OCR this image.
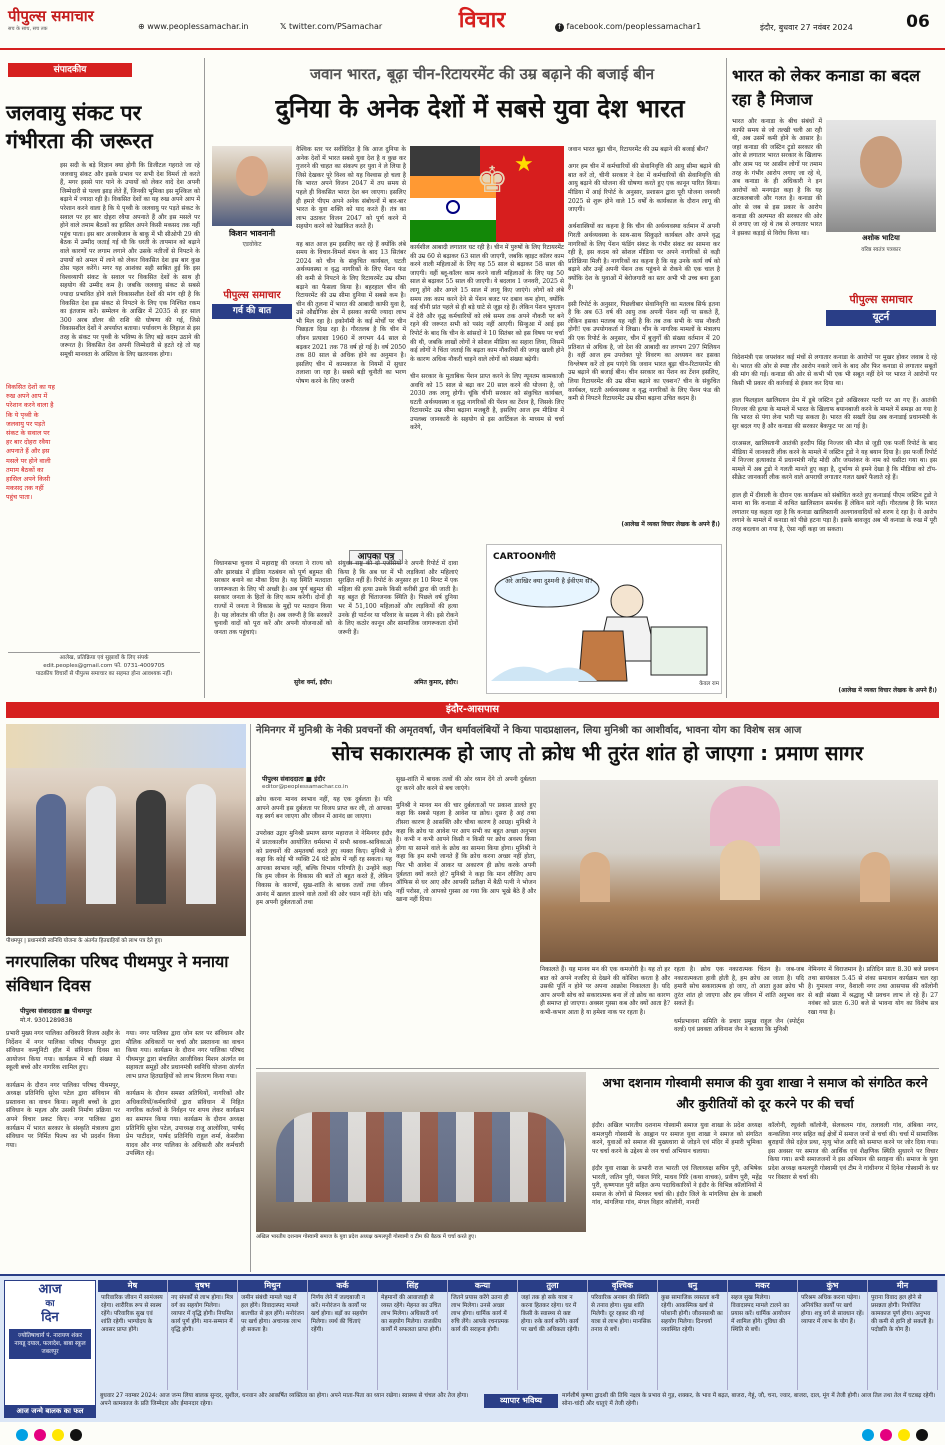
पीपुल्स समाचार
सच के साथ, सच तक	⊕ www.peoplessamachar.in	𝕏 twitter.com/PSamachar	विचार	f facebook.com/peoplessamachar1	इंदौर, बुधवार 27 नवंबर 2024	06
संपादकीय
जलवायु संकट पर गंभीरता की जरूरत
इस सदी के बड़े विज्ञान क्या होगी कि डिजीटल गहराते जा रहे जलवायु संकट और इसके प्रभाव पर सभी देश विमर्श तो करते हैं, मगर इससे पार पाने के उपायों को लेकर वादे देश अपनी जिम्मेदारी से पल्ला झाड़ लेते हैं, जिनकी भूमिका इस मुश्किल को बढ़ाने में ज्यादा रही है। विकसित देशों का यह रुख अपने आप में परेशान करने वाला है कि ये पृथ्वी के जलवायु पर पड़ते संकट के सवाल पर हर बार दोहरा रवैया अपनाते हैं और इस मसले पर होने वाले तमाम बैठकों का हासिल अपने किसी मकसद तक नहीं पहुंच पाता। इस बार अजरबैजान के बाकू में भी सीओपी 29 की बैठक में उम्मीद जताई गई थी कि धरती के तापमान को बढ़ाने वाले कारणों पर लगाम लगाने और उसके नतीजों से निपटने के उपायों को अमल में लाने को लेकर विकसित देश इस बार कुछ ठोस पहल करेंगे। मगर यह आशंका सही साबित हुई कि इस विश्वव्यापी संकट के सवाल पर विकसित देशों के साथ ही सहयोग की उम्मीद कम है। जबकि जलवायु संकट से सबसे ज्यादा प्रभावित होने वाले विकासशील देशों की मांग रही है कि विकसित देश इस संकट से निपटने के लिए एक निश्चित रकम का इंतजाम करें। सम्मेलन के आखिर में 2035 से हर साल 300 अरब डॉलर की राशि की घोषणा की गई, जिसे विकासशील देशों ने अपर्याप्त बताया। पर्यावरण के लिहाज से इस तरह के संकट पर पृथ्वी के भविष्य के लिए बड़े कदम उठाने की जरूरत है। विकसित देश अपनी जिम्मेदारी से हटते रहे तो यह समूची मानवता के अस्तित्व के लिए खतरनाक होगा।
विकसित देशों का यह रुख अपने आप में परेशान करने वाला है कि ये पृथ्वी के जलवायु पर पड़ते संकट के सवाल पर हर बार दोहरा रवैया अपनाते हैं और इस मसले पर होने वाली तमाम बैठकों का हासिल अपने किसी मकसद तक नहीं पहुंच पाता।
आलेख, प्रतिक्रिया एवं सुझावों के लिए संपर्क
edit.peoples@gmail.com फो. 0731-4009705
पाठकीय विचारों से पीपुल्स समाचार का सहमत होना आवश्यक नहीं।
जवान भारत, बूढ़ा चीन-रिटायरमेंट की उम्र बढ़ाने की बजाई बीन
दुनिया के अनेक देशों में सबसे युवा देश भारत
किशन भावनानी
एडवोकेट
पीपुल्स समाचार
गर्व की बात
वैश्विक स्तर पर सर्वविदित है कि आज दुनिया के अनेक देशों में भारत सबसे युवा देश है व कुछ कर गुजरने की चाहत का संकल्प हर युवा ने ले लिया है जिसे देखकर पूरे विश्व को यह विश्वास हो चला है कि भारत अपने विजन 2047 में तय समय से पहले ही विकसित भारत देश बन जाएगा। इसलिए ही हमारे पीएम अपने अनेक संबोधनों में बार-बार भारत के युवा शक्ति को याद करते हैं। तंत्र का लाभ उठाकर विजन 2047 को पूर्ण करने में सहयोग करने को रेखांकित करते हैं।

यह बात आज हम इसलिए कर रहे हैं क्योंकि लंबे समय के विचार-विमर्श मंथन के बाद 13 सितंबर 2024 को चीन के संकुचित कार्यबल, घटती अर्थव्यवस्था व वृद्ध नागरिकों के लिए पेंशन फंड की कमी से निपटने के लिए रिटायरमेंट उम्र सीमा बढ़ाने का फैसला किया है। बहरहाल चीन की रिटायरमेंट की उम्र सीमा दुनिया में सबसे कम है। चीन की तुलना में भारत की आबादी काफी युवा है, उसे औद्योगिक क्षेत्र में इसका काफी ज्यादा लाभ भी मिल रहा है। इकोनॉमी के कई मोर्चों पर चीन पिछड़ता दिख रहा है। गौरतलब है कि चीन में जीवन प्रत्याशा 1960 में लगभग 44 साल से बढ़कर 2021 तक 78 वर्ष हो गई है। वर्ष 2050 तक 80 साल से अधिक होने का अनुमान है। इसलिए चीन में कामकाज के नियमों में सुधार तलाशा जा रहा है। सबसे बड़ी चुनौती का भरण पोषण करने के लिए जरूरी
★
♚
कार्यशील आबादी लगातार घट रही है। चीन में पुरुषों के लिए रिटायरमेंट की उम्र 60 से बढ़ाकर 63 साल की जाएगी, जबकि व्हाइट कॉलर काम करने वाली महिलाओं के लिए यह 55 साल से बढ़ाकर 58 साल की जाएगी। वहीं ब्लू-कॉलर काम करने वाली महिलाओं के लिए यह 50 साल से बढ़ाकर 55 साल की जाएगी। ये बदलाव 1 जनवरी, 2025 से लागू होंगे और अगले 15 साल में लागू किए जाएंगे। लोगों को लंबे समय तक काम करने देने से पेंशन बजट पर दबाव कम होगा, क्योंकि कई चीनी प्रांत पहले से ही बड़े घाटे से जूझ रहे हैं। लेकिन पेंशन भुगतान में देरी और वृद्ध कर्मचारियों को लंबे समय तक अपने नौकरी पर बने रहने की जरूरत सभी को पसंद नहीं आएगी। सिन्हुआ में आई इस रिपोर्ट के बाद कि चीन के सांसदों ने 10 सितंबर को इस विषय पर चर्चा की थी, जबकि लाखों लोगों ने सोशल मीडिया का सहारा लिया, जिसमें कई लोगों ने चिंता जताई कि बढ़ता काम नौकरियों की जगह खाली होने के कारण अधिक नौकरी चाहने वाले लोगों को संख्या बढ़ेगी।

चीन सरकार के मुताबिक पेंशन प्राप्त करने के लिए न्यूनतम कामकाजी अवधि को 15 साल से बढ़ा कर 20 साल करने की योजना है, जो 2030 तक लागू होगी। चूंकि चीनी सरकार को संकुचित कार्यबल, घटती अर्थव्यवस्था व वृद्ध नागरिकों की पेंशन का टेंशन है, जिसके लिए रिटायरमेंट उम्र सीमा बढ़ाना मजबूरी है, इसलिए आज हम मीडिया में उपलब्ध जानकारी के सहयोग से इस आर्टिकल के माध्यम से चर्चा करेंगे,
जवान भारत बूढ़ा चीन, रिटायरमेंट की उम्र बढ़ाने की बजाई बीन?

अगर हम चीन में कर्मचारियों की सेवानिवृत्ति की आयु सीमा बढ़ाने की बात करें तो, चीनी सरकार ने देश में कर्मचारियों की सेवानिवृत्ति की आयु बढ़ाने की योजना की घोषणा करते हुए एक कानून पारित किया। मीडिया में आई रिपोर्ट के अनुसार, प्रशासन द्वारा पूरी योजना जनवरी 2025 से शुरू होने वाले 15 वर्षों के कार्यकाल के दौरान लागू की जाएगी।

अर्थशास्त्रियों का कहना है कि चीन की अर्थव्यवस्था वर्तमान में अपनी गिरती अर्थव्यवस्था के साथ-साथ सिकुड़ते कार्यबल और अपने वृद्ध नागरिकों के लिए पेंशन फंडिंग संकट के गंभीर संकट का सामना कर रही है, इस कदम को सोशल मीडिया पर अपने नागरिकों से कड़ी प्रतिक्रिया मिली है। नागरिकों का कहना है कि यह उनके कार्य वर्ष को बढ़ाने और उन्हें अपनी पेंशन तक पहुंचने से रोकने की एक चाल है क्योंकि देश के युवाओं में बेरोजगारी का स्तर अभी भी उच्च बना हुआ है।

इसी रिपोर्ट के अनुसार, पिछलीबार सेवानिवृत्ति का मतलब सिर्फ इतना है कि अब 63 वर्ष की आयु तक अपनी पेंशन नहीं पा सकते हैं, लेकिन इसका मतलब यह नहीं है कि तब तक सभी के पास नौकरी होगी! एक उपयोगकर्ता ने लिखा। चीन के नागरिक मामलों के मंत्रालय की एक रिपोर्ट के अनुसार, चीन में बुजुर्गों की संख्या वर्तमान में 20 प्रतिशत से अधिक है, जो देश की आबादी का लगभग 297 मिलियन है। वहीं आज हम उपरोक्त पूरे विवरण का अध्ययन कर इसका विश्लेषण करें तो हम पाएंगे कि जवान भारत बूढ़ा चीन-रिटायरमेंट की उम्र बढ़ाने की बजाई बीन। चीन सरकार का पेंशन का टेंशन इसलिए, लिया रिटायरमेंट की उम्र सीमा बढ़ाने का एक्शन? चीन के संकुचित कार्यबल, घटती अर्थव्यवस्था व वृद्ध नागरिकों के लिए पेंशन फंड की कमी से निपटने रिटायरमेंट उम्र सीमा बढ़ाना उचित कदम है।
(आलेख में व्यक्त विचार लेखक के अपने हैं।)
भारत को लेकर कनाडा का बदल रहा है मिजाज
भारत और कनाडा के बीच संबंधों में काफी समय से जो तल्खी चली आ रही थी, अब उसमें कमी होने के आसार है। जहां कनाडा की जस्टिन ट्रूडो सरकार की ओर से लगातार भारत सरकार के खिलाफ और आम पद पर आसीन लोगों पर तमाम तरह के गंभीर आरोप लगाए जा रहे थे, अब कनाडा के ही अधिकारी ने इन आरोपों को मनगढ़ंत कहा है कि यह अटकलबाजी और गलत है। कनाडा की ओर से जब से इस प्रकार के आरोप कनाडा की अल्पमत की सरकार की ओर से लगाए जा रहे थे तब से लगातार भारत ने इसका कड़ाई से विरोध किया था।
अशोक भाटिया
वरिष्ठ स्वतंत्र पत्रकार
पीपुल्स समाचार
यूटर्न
विदेशमंत्री एस जयशंकर कई मंचों से लगातार कनाडा के आरोपों पर मुखर होकर जवाब दे रहे थे। भारत की ओर से स्पष्ट तौर आरोप नकारे जाने के बाद और फिर कनाडा से लगातार सबूतों की मांग की गई। कनाडा की ओर से कभी भी एक भी सबूत नहीं देने पर भारत ने आरोपों पर किसी भी प्रकार की कार्रवाई से इंकार कर दिया था।

हाल फिलहाल खालिस्तान प्रेम में डूबे जस्टिन ट्रूडो अखिरकार पटरी पर आ गए हैं। आतंकी निज्जर की हत्या के मामले में भारत के खिलाफ बयानबाजी करने के मामले में समझ आ गया है कि भारत से पंगा लेना भारी पड़ सकता है। भारत की सख्ती देख अब कनाडाई प्रधानमंत्री के सुर बदल गए हैं और कनाडा की सरकार बैकफुट पर आ गई है।

दरअसल, खालिस्तानी आतंकी हरदीप सिंह निज्जर की मौत से जुड़ी एक फर्जी रिपोर्ट के बाद मीडिया में जानकारी लीक करने के मामले में जस्टिन ट्रूडो ने यह बयान दिया है। इस फर्जी रिपोर्ट में निज्जर हत्याकांड में प्रधानमंत्री नरेंद्र मोदी और जयशंकर के नाम को घसीटा गया था। इस मामले में अब ट्रूडो ने गलती मानते हुए कहा है, दुर्भाग्य से हमने देखा है कि मीडिया को टॉप-सीक्रेट जानकारी लीक करने वाले अपराधी लगातार गलत खबरें फैलाते रहे हैं।

हाल ही में दीवाली के दौरान एक कार्यक्रम को संबोधित करते हुए कनाडाई पीएम जस्टिन ट्रूडो ने माना था कि कनाडा में कथित खालिस्तान समर्थक हैं लेकिन सारे नहीं। गौरतलब है कि भारत लगातार यह कहता रहा है कि कनाडा खालिस्तानी अलगाववादियों को शरण दे रहा है। ये आरोप लगाने के मामले में कनाडा को पीछे हटना पड़ा है। इसके बावजूद अब भी कनाडा के रुख में पूरी तरह बदलाव आ गया है, ऐसा नहीं कहा जा सकता।
(आलेख में व्यक्त विचार लेखक के अपने हैं।)
आपका पत्र
विधानसभा चुनाव में महाराष्ट्र की जनता ने राज्य को और झारखंड में इंडिया गठबंधन को पूर्ण बहुमत की सरकार बनाने का मौका दिया है। यह स्थिति मतदाता जागरूकता के लिए भी अच्छी है। अब पूर्ण बहुमत की सरकार जनता के हितों के लिए काम करेगी। दोनों ही राज्यों में जनता ने विकास के मुद्दों पर मतदान किया है। यह लोकतंत्र की जीत है। अब जरूरी है कि सरकारें चुनावी वादों को पूरा करें और अपनी योजनाओं को जनता तक पहुंचाएं।
सुरेश वर्मा, इंदौर।
संयुक्त राष्ट्र की दो एजेंसियों ने अपनी रिपोर्ट में दावा किया है कि अब घर में भी लड़कियां और महिलाएं सुरक्षित नहीं हैं। रिपोर्ट के अनुसार हर 10 मिनट में एक महिला की हत्या उसके किसी करीबी द्वारा की जाती है। यह बहुत ही चिंताजनक स्थिति है। पिछले वर्ष दुनिया भर में 51,100 महिलाओं और लड़कियों की हत्या उनके ही पार्टनर या परिवार के सदस्य ने की। इसे रोकने के लिए कठोर कानून और सामाजिक जागरूकता दोनों जरूरी हैं।
अमित कुमार, इंदौर।
CARTOONगीरी
अरे आखिर क्या दुश्मनी है ईवीएम से?
केवल राम
इंदौर-आसपास
पीथमपुर | प्रधानमंत्री स्वनिधि योजना के अंतर्गत हितग्राहियों को लाभ पत्र देते हुए।
नगरपालिका परिषद पीथमपुर ने मनाया संविधान दिवस
पीपुल्स संवाददाता ■ पीथमपुर
मो.नं. 9301289838
प्रभारी मुख्य नगर पालिका अधिकारी विजय अहीर के निर्देशन में नगर पालिका परिषद पीथमपुर द्वारा संविधान कम्युनिटी हॉल में संविधान दिवस का आयोजन किया गया। कार्यक्रम में बड़ी संख्या में स्कूली बच्चे और नागरिक शामिल हुए।

कार्यक्रम के दौरान नगर पालिका परिषद पीथमपुर, अध्यक्ष प्रतिनिधि सुरेश पटेल द्वारा संविधान की प्रस्तावना का वाचन किया। स्कूली बच्चों के द्वारा संविधान के महत्व और उसकी निर्माण प्रक्रिया पर अपने विचार प्रकट किए। नगर पालिका द्वारा कार्यक्रम में भारत सरकार के संस्कृति मंत्रालय द्वारा संविधान पर निर्मित फिल्म का भी प्रदर्शन किया गया।
गया। नगर पालिका द्वारा जोन स्तर पर संविधान और मौलिक अधिकारों पर चर्चा और प्रस्तावना का वाचन किया गया। कार्यक्रम के दौरान नगर पालिका परिषद पीथमपुर द्वारा संचालित आजीविका मिशन अंतर्गत स्व सहायता समूहों और प्रधानमंत्री स्वनिधि योजना अंतर्गत लाभ प्राप्त हितग्राहियों को लाभ वितरण किया गया।

कार्यक्रम के दौरान समस्त अतिथियों, नागरिकों और अधिकारियों/कर्मचारियों द्वारा संविधान में निहित नागरिक कर्तव्यों के निर्वहन पर शपथ लेकर कार्यक्रम का समापन किया गया। कार्यक्रम के दौरान अध्यक्ष प्रतिनिधि सुरेश पटेल, उपाध्यक्ष राजू आलोरिया, पार्षद प्रेम पाटीदार, पार्षद प्रतिनिधि राहुल शर्मा, केसरीया यादव और नगर पालिका के अधिकारी और कर्मचारी उपस्थित रहे।
नेमिनगर में मुनिश्री के नेकी प्रवचनों की अमृतवर्षा, जैन धर्मावलंबियों ने किया पादप्रक्षालन, लिया मुनिश्री का आशीर्वाद, भावना योग का विशेष सत्र आज
सोच सकारात्मक हो जाए तो क्रोध भी तुरंत शांत हो जाएगा : प्रमाण सागर
पीपुल्स संवाददाता ■ इंदौर
editor@peoplessamachar.co.in
क्रोध करना मानव स्वभाव नहीं, यह एक दुर्बलता है। यदि आपने अपनी इस दुर्बलता पर विजय प्राप्त कर ली, तो आपका यह स्वर्ग बन जाएगा और जीवन में आनंद छा जाएगा।

उपरोक्त उद्गार मुनिश्री प्रमाण सागर महाराज ने नेमिनगर इंदौर में प्रातःकालीन आयोजित धर्मसभा में सभी श्रावक-श्राविकाओं को प्रवचनों की अमृतवर्षा करते हुए व्यक्त किए। मुनिश्री ने कहा कि कोई भी व्यक्ति 24 घंटे क्रोध में नहीं रह सकता। यह आपका स्वभाव नहीं, बल्कि विभाव परिणति है। उन्होंने कहा कि हम जीवन के विकास की बातें तो बहुत करते हैं, लेकिन विकास के कारणों, सुख-शांति के बाधक तत्वों तथा जीवन आनंद में खलल डालने वाले तत्वों की ओर ध्यान नहीं देते। यदि हम अपनी दुर्बलताओं तथा
सुख-शांति में बाधक तत्वों की ओर ध्यान देंगे तो अपनी दुर्बलता दूर करने और करने से बच जाएंगे।

मुनिश्री ने मानव मन की चार दुर्बलताओं पर प्रकाश डालते हुए कहा कि सबसे पहला है आवेश या क्रोध। दूसरा है अहं तथा तीसरा कारण है आसक्ति और चौथा कारण है आग्रह। मुनिश्री ने कहा कि क्रोध या आवेश पर आप सभी का बहुत अच्छा अनुभव है। कभी न कभी आपने किसी न किसी पर क्रोध अवश्य किया होगा या सामने वाले के क्रोध का सामना किया होगा। मुनिश्री ने कहा कि हम सभी जानते हैं कि क्रोध करना अच्छा नहीं होता, फिर भी आवेश में आकर या अकारण ही क्रोध करके अपनी दुर्बलता क्यों करते हो? मुनिश्री ने कहा कि मान लीजिए आप ऑफिस से घर आए और आपकी प्रतीक्षा में बैठी पत्नी ने भोजन नहीं परोसा, तो आपको गुस्सा आ गया कि आप भूखे बैठे हैं और खाना नहीं दिया।
निकालते हैं। यह मानव मन की एक कमजोरी है। यह तो हर बात को अपने नजरिए से देखने की कोशिश करता है और उसकी पूर्ति न होने पर अपना आक्रोश निकालता है। यदि आप अपनी सोच को सकारात्मक बना लें तो क्रोध का कारण ही समाप्त हो जाएगा। अक्सर गुस्सा कब और क्यों आता है? कभी-कभार आता है या हमेशा नाक पर रहता है।
रहता है। क्रोध एक नकारात्मक चिंतन है। जब-जब नकारात्मकता हावी होती है, हम क्रोध आ जाता है। यदि हमारी सोच सकारात्मक हो जाए, तो आता हुआ क्रोध भी तुरंत शांत हो जाएगा और हम जीवन में शांति अनुभव कर सकते हैं।

धर्मप्रभावना समिति के प्रचार प्रमुख राहुल जैन (स्पोर्ट्स वर्ल्ड) एवं प्रवक्ता अविनाश जैन ने बताया कि मुनिश्री
नेमिनगर में विराजमान है। प्रतिदिन प्रातः 8.30 बजे प्रवचन तथा सायंकाल 5.45 से शंका समाधान कार्यक्रम चल रहा है। गुमाश्ता नगर, वैशाली नगर तथा आसपास की कॉलोनी से बड़ी संख्या में श्रद्धालु भी प्रवचन लाभ ले रहे हैं। 27 नवंबर को प्रातः 6.30 बजे से भावना योग का विशेष सत्र रखा गया है।
अखिल भारतीय दशनाम गोस्वामी समाज के युवा प्रदेश अध्यक्ष कमलपुरी गोस्वामी व टीम की बैठक में चर्चा करते हुए।
अभा दशनाम गोस्वामी समाज की युवा शाखा ने समाज को संगठित करने और कुरीतियों को दूर करने पर की चर्चा
इंदौर। अखिल भारतीय दशनाम गोस्वामी समाज युवा शाखा के प्रदेश अध्यक्ष कमलपुरी गोस्वामी के आह्वान पर समाज युवा शाखा ने समाज को संगठित करने, युवाओं को समाज की मुख्यधारा से जोड़ने एवं मंदिर में हमारी भूमिका पर चर्चा करने के उद्देश्य से जन चर्चा अभियान चलाया।

इंदौर युवा शाखा के प्रभारी राज भारती एवं जिलाध्यक्ष सचिन पुरी, अभिषेक भारती, जतिन पुरी, पंकज गिरि, माधव गिरि (कथा वाचक), प्रवीण पुरी, महेंद्र पुरी, कृष्णपाल पुरी सहित अन्य पदाधिकारियों ने इंदौर के विभिन्न कॉलोनियों में समाज के लोगों से मिलकर चर्चा की। इंदौर जिले के मांगलिया क्षेत्र के डाबली गांव, मांगलिया गांव, मंगल विहार कॉलोनी, नानदी
कॉलोनी, रघुवंशी कॉलोनी, सेलकलम गांव, तलावली गांव, अंबिका नगर, कन्कलिया नगर सहित कई क्षेत्रों में समाज जनों से चर्चा की। चर्चा में सामाजिक बुराइयों जैसे दहेज प्रथा, मृत्यु भोज आदि को समाप्त करने पर जोर दिया गया। इस अवसर पर समाज की आर्थिक एवं शैक्षणिक स्थिति सुधारने पर विचार किया गया। सभी समाजजनों ने इस अभियान की सराहना की। समाज के युवा प्रदेश अध्यक्ष कमलपुरी गोस्वामी एवं टीम ने गांधीनगर में दिनेश गोस्वामी के घर पर विस्तार से चर्चा की।
आज
का
दिन
ज्योतिषाचार्य पं. नारायण शंकर नायडू दयाल, फलादेश, बाबा स्कूल जबलपुर
आज जन्मे बालक का फल
मेष
पारिवारिक जीवन में सामंजस्य रहेगा। शारीरिक रूप से स्वस्थ रहेंगे। परिवारिक सुख एवं शांति रहेगी। भाग्योदय के अवसर प्राप्त होंगे।
वृषभ
नए संपर्कों से लाभ होगा। मित्र वर्ग का सहयोग मिलेगा। व्यापार में वृद्धि होगी। नियमित कार्य पूर्ण होंगे। मान-सम्मान में वृद्धि होगी।
मिथुन
जमीन संबंधी मामले पक्ष में हल होंगे। विवादास्पद मामले बातचीत से हल होंगे। मनोरंजन पर खर्च होगा। अचानक लाभ हो सकता है।
कर्क
निर्णय लेने में जल्दबाजी न करें। मनोरंजन के कार्यों पर खर्च होगा। बड़ों का सहयोग मिलेगा। व्यर्थ की चिंताएं रहेंगी।
सिंह
मेहमानों की आवाजाही से व्यस्त रहेंगे। मेहनत का उचित लाभ मिलेगा। अधिकारी वर्ग का सहयोग मिलेगा। राजकीय कार्यों में सफलता प्राप्त होगी।
कन्या
जितने प्रयास करेंगे उतना ही लाभ मिलेगा। उनसे अच्छा लाभ होगा। धार्मिक कार्य में रुचि लेंगे। आपके रचनात्मक कार्य की सराहना होगी।
तुला
जहां तक हो सके यात्रा न करना हितकर रहेगा। घर में किसी के स्वास्थ्य से कष्ट होगा। रुके कार्य बनेंगे। कार्य पर खर्च की अधिकता रहेगी।
वृश्चिक
परिवारिक अनबन की स्थिति से तनाव होगा। सुख शांति मिलेगी। दूर रहकर की गई यात्रा से लाभ होगा। मानसिक तनाव से बचें।
धनु
कुछ सामाजिक व्यस्तता बनी रहेगी। आकस्मिक खर्च से परेशानी होगी। जीवनसाथी का सहयोग मिलेगा। दिनचर्या व्यवस्थित रहेगी।
मकर
सहज सुख मिलेगा। विवादास्पद मामले टालने का प्रयास करें। धार्मिक आयोजन में शामिल होंगे। दुविधा की स्थिति से बचें।
कुंभ
परिश्रम अधिक करना पड़ेगा। अनियंत्रित कार्यों पर खर्च होगा। शत्रु वर्ग से सावधान रहें। व्यापार में लाभ के योग हैं।
मीन
पुराना विवाद हल होने से प्रसन्नता होगी। नियोजित कामकाज पूर्ण होगा। अनुभव की कमी से हानि हो सकती है। पदोन्नति के योग हैं।
बुधवार 27 नवम्बर 2024: आज जन्म लिया बालक सुन्दर, सुशील, धनवान और आकर्षित व्यक्तित्व का होगा। अपने माता-पिता का ध्यान रखेगा। स्वास्थ्य से चंचल और तेज होगा। अपने कामकाज के प्रति जिम्मेदार और ईमानदार रहेगा।	व्यापार भविष्य	मार्गशीर्ष कृष्णा द्वादशी की तिथि नक्षत्र के प्रभाव से गुड़, शक्कर, के भाव में बढ़त, बाजरा, गेहूं, जौ, चना, ज्वार, बाजरा, दाल, मूंग में तेजी होगी। आज तिल तथा तेल में घटबढ़ रहेगी। सोना-चांदी और धातुएं में तेजी रहेगी।
